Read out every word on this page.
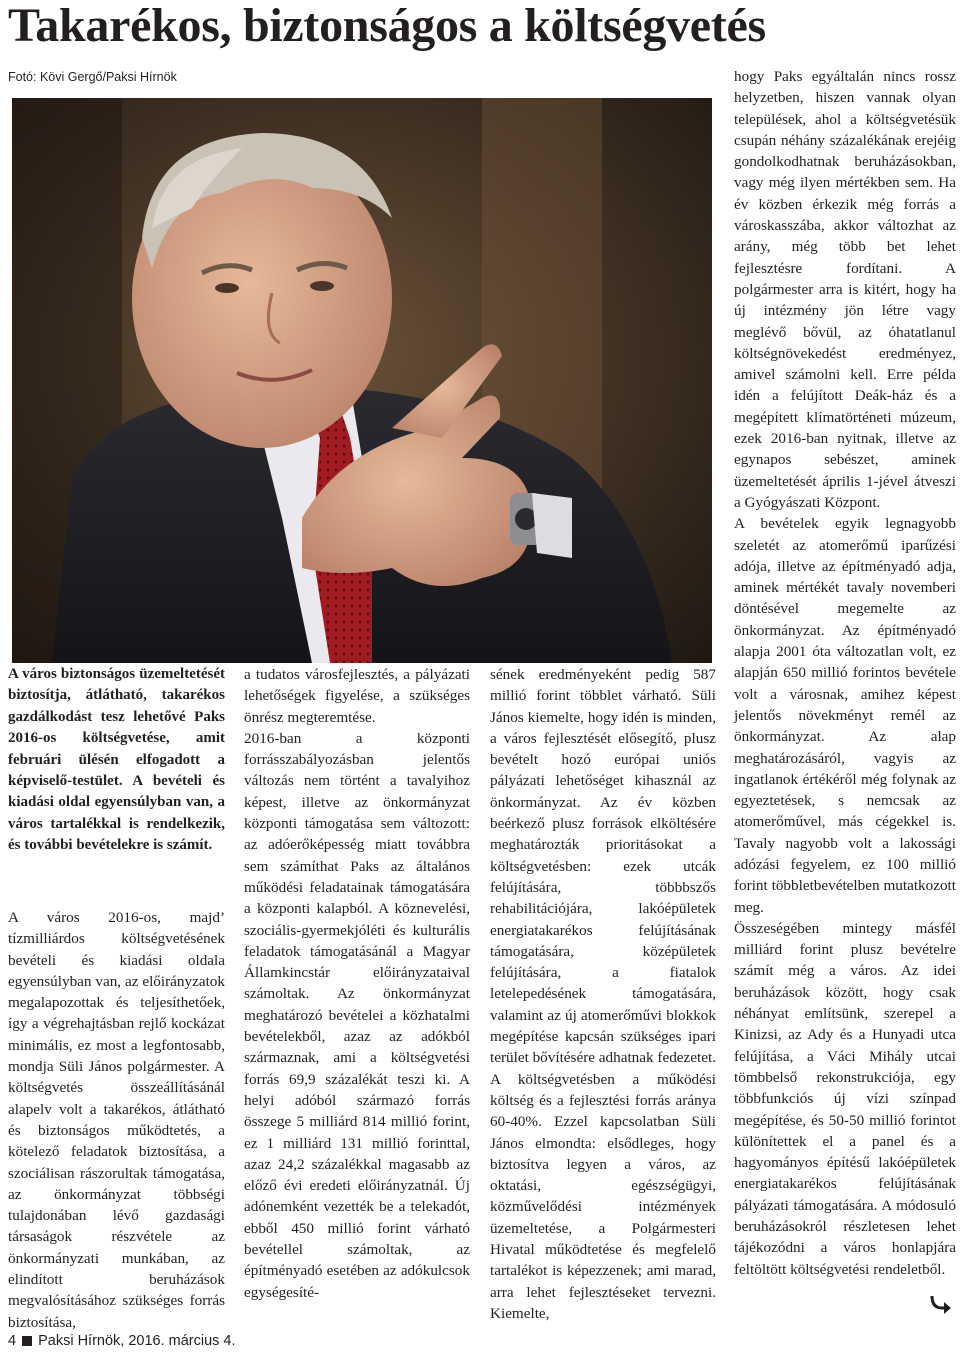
Takarékos, biztonságos a költségvetés
Fotó: Kövi Gergő/Paksi Hírnök
A város biztonságos üzemeltetését biztosítja, átlátható, takarékos gazdálkodást tesz lehetővé Paks 2016-os költségvetése, amit februári ülésén elfogadott a képviselő-testület. A bevételi és kiadási oldal egyensúlyban van, a város tartalékkal is rendelkezik, és további bevételekre is számít.

A város 2016-os, majd’ tízmilliárdos költségvetésének bevételi és kiadási oldala egyensúlyban van, az előirányzatok megalapozottak és teljesíthetőek, így a végrehajtásban rejlő kockázat minimális, ez most a legfontosabb, mondja Süli János polgármester. A költségvetés összeállításánál alapelv volt a takarékos, átlátható és biztonságos működtetés, a kötelező feladatok biztosítása, a szociálisan rászorultak támogatása, az önkormányzat többségi tulajdonában lévő gazdasági társaságok részvétele az önkormányzati munkában, az elindított beruházások megvalósításához szükséges forrás biztosítása,

a tudatos városfejlesztés, a pályázati lehetőségek figyelése, a szükséges önrész megteremtése.

2016-ban a központi forrásszabályozásban jelentős változás nem történt a tavalyihoz képest, illetve az önkormányzat központi támogatása sem változott: az adóerőképesség miatt továbbra sem számíthat Paks az általános működési feladatainak támogatására a központi kalapból. A köznevelési, szociális-gyermekjóléti és kulturális feladatok támogatásánál a Magyar Államkincstár előirányzataival számoltak. Az önkormányzat meghatározó bevételei a közhatalmi bevételekből, azaz az adókból származnak, ami a költségvetési forrás 69,9 százalékát teszi ki. A helyi adóból származó forrás összege 5 milliárd 814 millió forint, ez 1 milliárd 131 millió forinttal, azaz 24,2 százalékkal magasabb az előző évi eredeti előirányzatnál. Új adónemként vezették be a telekadót, ebből 450 millió forint várható bevétellel számoltak, az építményadó esetében az adókulcsok egységesíté-

sének eredményeként pedig 587 millió forint többlet várható. Süli János kiemelte, hogy idén is minden, a város fejlesztését elősegítő, plusz bevételt hozó európai uniós pályázati lehetőséget kihasznál az önkormányzat. Az év közben beérkező plusz források elköltésére meghatározták prioritásokat a költségvetésben: ezek utcák felújítására, többbszős rehabilitációjára, lakóépületek energiatakarékos felújításának támogatására, középületek felújítására, a fiatalok letelepedésének támogatására, valamint az új atomerőművi blokkok megépítése kapcsán szükséges ipari terület bővítésére adhatnak fedezetet. A költségvetésben a működési költség és a fejlesztési forrás aránya 60-40%. Ezzel kapcsolatban Süli János elmondta: elsődleges, hogy biztosítva legyen a város, az oktatási, egészségügyi, közművelődési intézmények üzemeltetése, a Polgármesteri Hivatal működtetése és megfelelő tartalékot is képezzenek; ami marad, arra lehet fejlesztéseket tervezni. Kiemelte,

hogy Paks egyáltalán nincs rossz helyzetben, hiszen vannak olyan települések, ahol a költségvetésük csupán néhány százalékának erejéig gondolkodhatnak beruházásokban, vagy még ilyen mértékben sem. Ha év közben érkezik még forrás a városkasszába, akkor változhat az arány, még több bet lehet fejlesztésre fordítani. A polgármester arra is kitért, hogy ha új intézmény jön létre vagy meglévő bővül, az óhatatlanul költségnövekedést eredményez, amivel számolni kell. Erre példa idén a felújított Deák-ház és a megépített klímatörténeti múzeum, ezek 2016-ban nyitnak, illetve az egynapos sebészet, aminek üzemeltetését április 1-jével átveszi a Gyógyászati Központ.

A bevételek egyik legnagyobb szeletét az atomerőmű iparűzési adója, illetve az építményadó adja, aminek mértékét tavaly novemberi döntésével megemelte az önkormányzat. Az építményadó alapja 2001 óta változatlan volt, ez alapján 650 millió forintos bevétele volt a városnak, amihez képest jelentős növekményt remél az önkormányzat. Az alap meghatározásáról, vagyis az ingatlanok értékéről még folynak az egyeztetések, s nemcsak az atomerőművel, más cégekkel is. Tavaly nagyobb volt a lakossági adózási fegyelem, ez 100 millió forint többletbevételben mutatkozott meg.

Összeségében mintegy másfél milliárd forint plusz bevételre számít még a város. Az idei beruházások között, hogy csak néhányat említsünk, szerepel a Kinizsi, az Ady és a Hunyadi utca felújítása, a Váci Mihály utcai tömbbelső rekonstrukciója, egy többfunkciós új vízi színpad megépítése, és 50-50 millió forintot különítettek el a panel és a hagyományos építésű lakóépületek energiatakarékos felújításának pályázati támogatására. A módosuló beruházásokról részletesen lehet tájékozódni a város honlapjára feltöltött költségvetési rendeletből.

4 Paksi Hírnök, 2016. március 4.
